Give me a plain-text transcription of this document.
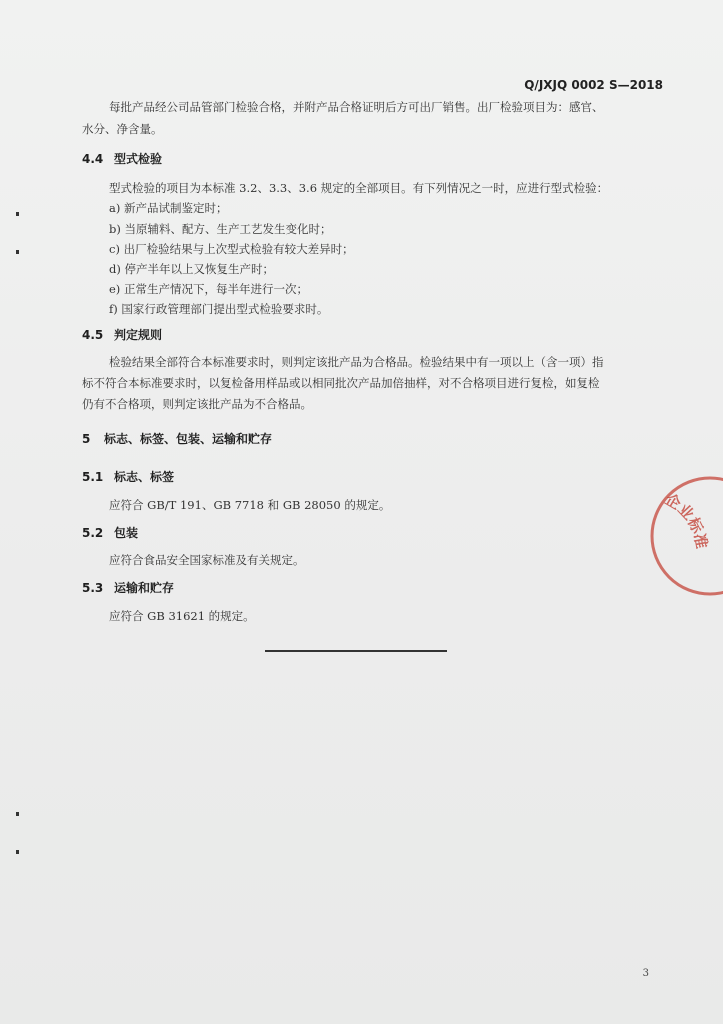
Q/JXJQ 0002 S—2018
每批产品经公司品管部门检验合格，并附产品合格证明后方可出厂销售。出厂检验项目为：感官、
水分、净含量。
4.4 型式检验
型式检验的项目为本标准 3.2、3.3、3.6 规定的全部项目。有下列情况之一时，应进行型式检验：
a) 新产品试制鉴定时；
b) 当原辅料、配方、生产工艺发生变化时；
c) 出厂检验结果与上次型式检验有较大差异时；
d) 停产半年以上又恢复生产时；
e) 正常生产情况下，每半年进行一次；
f) 国家行政管理部门提出型式检验要求时。
4.5 判定规则
检验结果全部符合本标准要求时，则判定该批产品为合格品。检验结果中有一项以上（含一项）指
标不符合本标准要求时，以复检备用样品或以相同批次产品加倍抽样，对不合格项目进行复检，如复检
仍有不合格项，则判定该批产品为不合格品。
5 标志、标签、包装、运输和贮存
5.1 标志、标签
应符合 GB/T 191、GB 7718 和 GB 28050 的规定。
5.2 包装
应符合食品安全国家标准及有关规定。
5.3 运输和贮存
应符合 GB 31621 的规定。
企业标准
3
